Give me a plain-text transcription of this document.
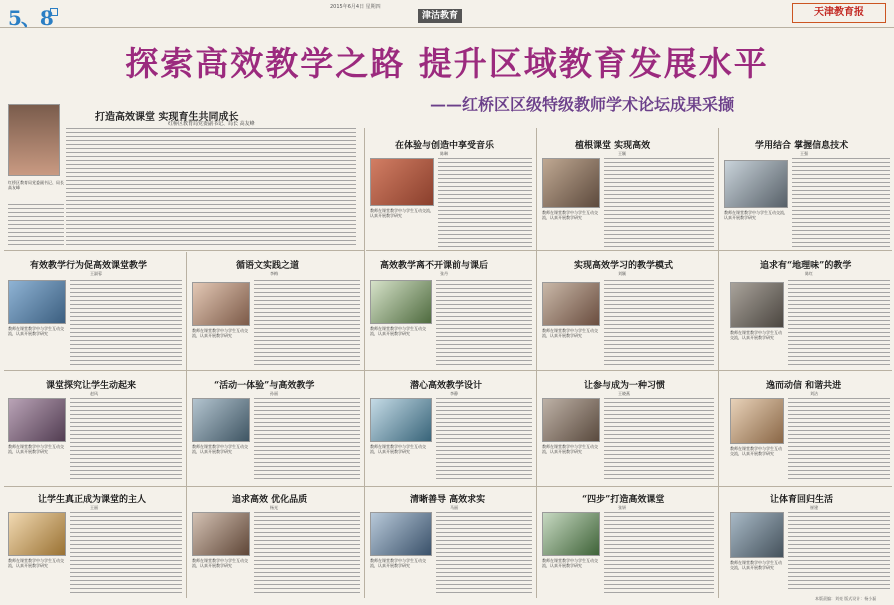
5、8	2015年6月4日 星期四
津沽教育	天津教育报
探索高效教学之路 提升区域教育发展水平
——红桥区区级特级教师学术论坛成果采撷
打造高效课堂 实现育生共同成长
红桥区教育局党委副书记、局长 高友峰
红桥区教育局党委副书记、局长高友峰
在体验与创造中享受音乐
陈琳
教师在课堂教学中与学生互动交流，认真开展教学研究
植根课堂 实现高效
王颖
教师在课堂教学中与学生互动交流，认真开展教学研究
学用结合 掌握信息技术
王强
教师在课堂教学中与学生互动交流，认真开展教学研究
有效教学行为促高效课堂教学
王淑蓉
教师在课堂教学中与学生互动交流，认真开展教学研究
循语文实践之道
李梅
教师在课堂教学中与学生互动交流，认真开展教学研究
高效教学离不开课前与课后
张丹
教师在课堂教学中与学生互动交流，认真开展教学研究
实现高效学习的教学模式
刘颖
教师在课堂教学中与学生互动交流，认真开展教学研究
追求有“地理味”的教学
陈红
教师在课堂教学中与学生互动交流，认真开展教学研究
课堂探究让学生动起来
赵风
教师在课堂教学中与学生互动交流，认真开展教学研究
“活动一体验”与高效教学
孙丽
教师在课堂教学中与学生互动交流，认真开展教学研究
潜心高效教学设计
李静
教师在课堂教学中与学生互动交流，认真开展教学研究
让参与成为一种习惯
王晓燕
教师在课堂教学中与学生互动交流，认真开展教学研究
逸而动信 和谐共进
刘洁
教师在课堂教学中与学生互动交流，认真开展教学研究
让学生真正成为课堂的主人
王丽
教师在课堂教学中与学生互动交流，认真开展教学研究
追求高效 优化品质
杨光
教师在课堂教学中与学生互动交流，认真开展教学研究
清晰善导 高效求实
马丽
教师在课堂教学中与学生互动交流，认真开展教学研究
“四步”打造高效课堂
张妍
教师在课堂教学中与学生互动交流，认真开展教学研究
让体育回归生活
崔建
教师在课堂教学中与学生互动交流，认真开展教学研究
本版责编：刘亮 版式设计：杨小磊
